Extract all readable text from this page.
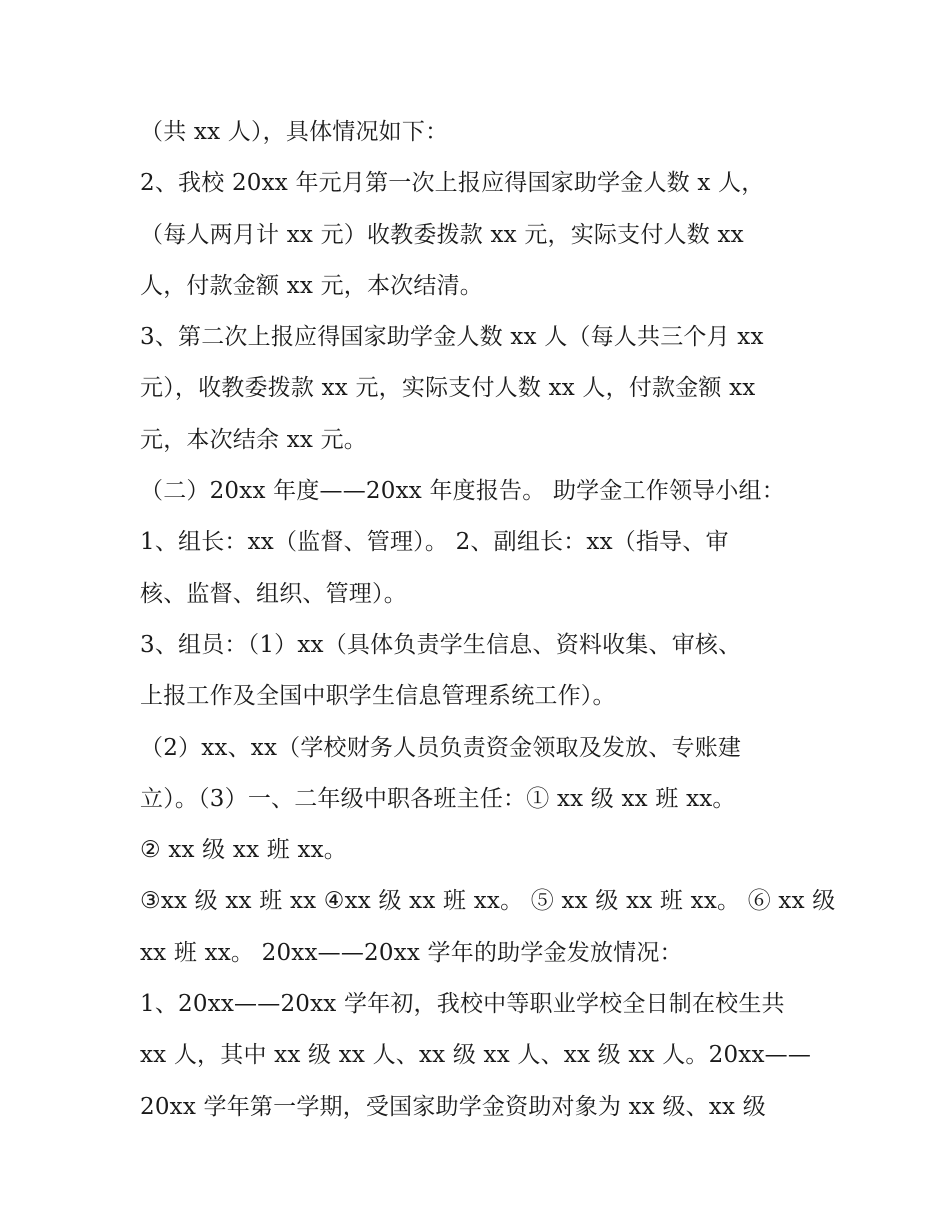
（共 xx 人），具体情况如下：
2、我校 20xx 年元月第一次上报应得国家助学金人数 x 人，
（每人两月计 xx 元）收教委拨款 xx 元，实际支付人数 xx
人，付款金额 xx 元，本次结清。
3、第二次上报应得国家助学金人数 xx 人（每人共三个月 xx
元），收教委拨款 xx 元，实际支付人数 xx 人，付款金额 xx
元，本次结余 xx 元。
（二）20xx 年度——20xx 年度报告。 助学金工作领导小组：
1、组长：xx（监督、管理）。 2、副组长：xx（指导、审
核、监督、组织、管理）。
3、组员：（1）xx（具体负责学生信息、资料收集、审核、
上报工作及全国中职学生信息管理系统工作）。
（2）xx、xx（学校财务人员负责资金领取及发放、专账建
立）。（3）一、二年级中职各班主任：① xx 级 xx 班 xx。
② xx 级 xx 班 xx。
③xx 级 xx 班 xx ④xx 级 xx 班 xx。 ⑤ xx 级 xx 班 xx。 ⑥ xx 级
xx 班 xx。 20xx——20xx 学年的助学金发放情况：
1、20xx——20xx 学年初，我校中等职业学校全日制在校生共
xx 人，其中 xx 级 xx 人、xx 级 xx 人、xx 级 xx 人。20xx——
20xx 学年第一学期，受国家助学金资助对象为 xx 级、xx 级
